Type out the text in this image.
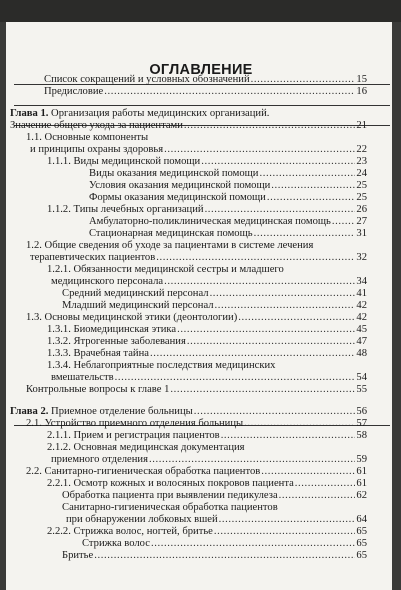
ОГЛАВЛЕНИЕ
Список сокращений и условных обозначений .....	15
Предисловие .....	16
Глава 1. Организация работы медицинских организаций.
Значение общего ухода за пациентами .....	21
1.1. Основные компоненты
и принципы охраны здоровья .....	22
1.1.1. Виды медицинской помощи .....	23
Виды оказания медицинской помощи .....	24
Условия оказания медицинской помощи .....	25
Формы оказания медицинской помощи .....	25
1.1.2. Типы лечебных организаций .....	26
Амбулаторно-поликлиническая медицинская помощь ..... 27
Стационарная медицинская помощь .....	31
1.2. Общие сведения об уходе за пациентами в системе лечения
терапевтических пациентов .....	32
1.2.1. Обязанности медицинской сестры и младшего
медицинского персонала .....	34
Средний медицинский персонал .....	41
Младший медицинский персонал .....	42
1.3. Основы медицинской этики (деонтологии) .....	42
1.3.1. Биомедицинская этика .....	45
1.3.2. Ятрогенные заболевания .....	47
1.3.3. Врачебная тайна .....	48
1.3.4. Неблагоприятные последствия медицинских
вмешательств .....	54
Контрольные вопросы к главе 1 .....	55
Глава 2. Приемное отделение больницы .....	56
2.1. Устройство приемного отделения больницы .....	57
2.1.1. Прием и регистрация пациентов .....	58
2.1.2. Основная медицинская документация
приемного отделения .....	59
2.2. Санитарно-гигиеническая обработка пациентов .....	61
2.2.1. Осмотр кожных и волосяных покровов пациента .....	61
Обработка пациента при выявлении педикулеза .....	62
Санитарно-гигиеническая обработка пациентов
при обнаружении лобковых вшей .....	64
2.2.2. Стрижка волос, ногтей, бритье .....	65
Стрижка волос .....	65
Бритье .....	65
